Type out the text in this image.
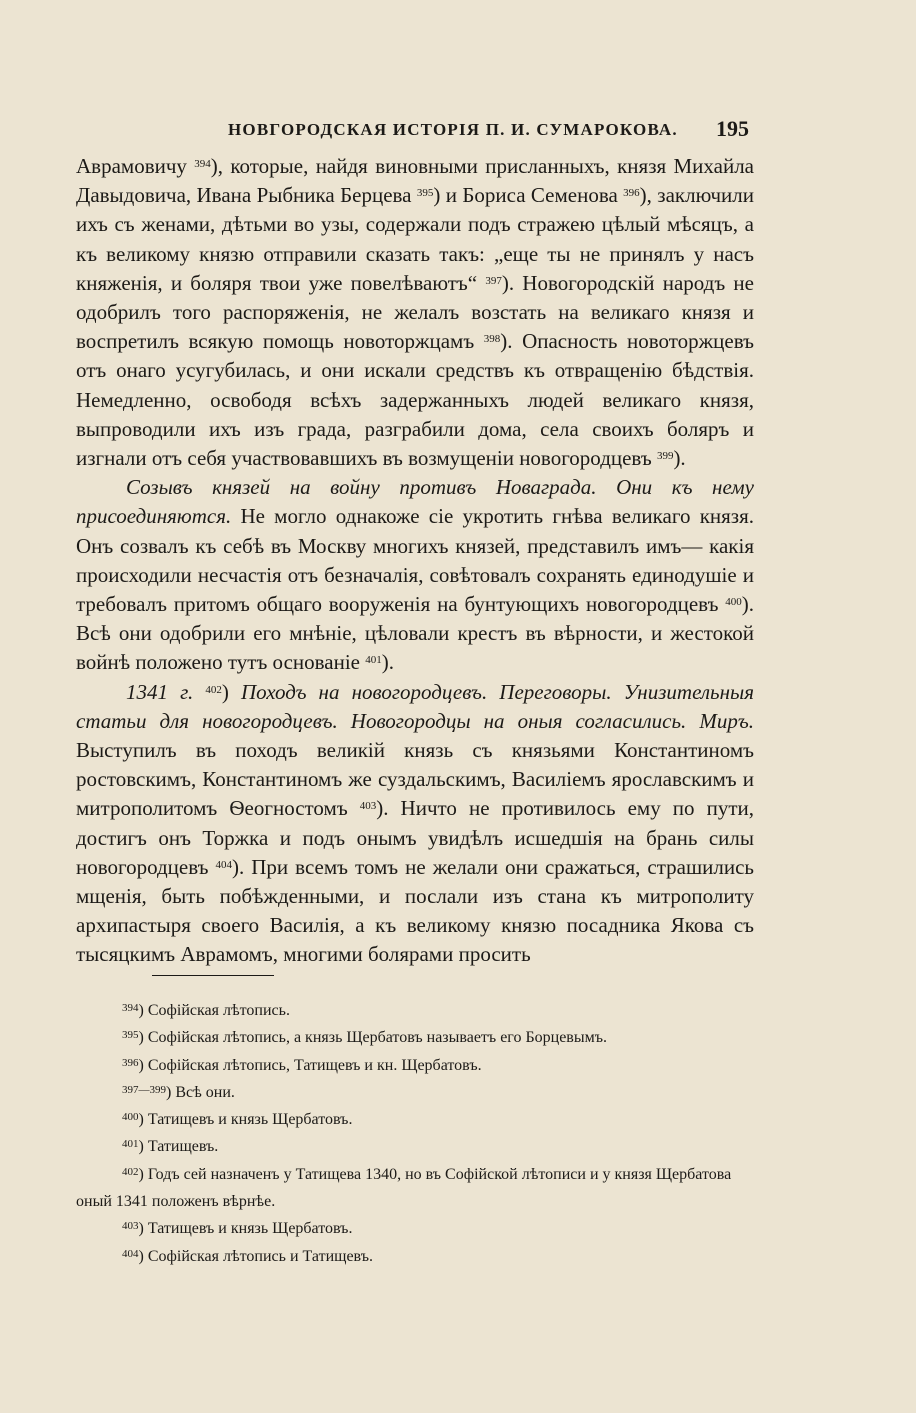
НОВГОРОДСКАЯ ИСТОРІЯ П. И. СУМАРОКОВА. 195

Аврамовичу $^{394}$), которые, найдя виновными присланныхъ, князя Михайла Давыдовича, Ивана Рыбника Берцева $^{395}$) и Бориса Семенова $^{396}$), заключили ихъ съ женами, дѣтьми во узы, содержали подъ стражею цѣлый мѣсяцъ, а къ великому князю отправили сказать такъ: „еще ты не принялъ у насъ княженія, и боляря твои уже повелѣваютъ“ $^{397}$). Новогородскій народъ не одобрилъ того распоряженія, не желалъ возстать на великаго князя и воспретилъ всякую помощь новоторжцамъ $^{398}$). Опасность новоторжцевъ отъ онаго усугубилась, и они искали средствъ къ отвращенію бѣдствія. Немедленно, освободя всѣхъ задержанныхъ людей великаго князя, выпроводили ихъ изъ града, разграбили дома, села своихъ боляръ и изгнали отъ себя участвовавшихъ въ возмущеніи новогородцевъ $^{399}$).

Созывъ князей на войну противъ Новаграда. Они къ нему присоединяются. Не могло однакоже сіе укротить гнѣва великаго князя. Онъ созвалъ къ себѣ въ Москву многихъ князей, представилъ имъ— какія происходили несчастія отъ безначалія, совѣтовалъ сохранять единодушіе и требовалъ притомъ общаго вооруженія на бунтующихъ новогородцевъ $^{400}$). Всѣ они одобрили его мнѣніе, цѣловали крестъ въ вѣрности, и жестокой войнѣ положено тутъ основаніе $^{401}$).

1341 г. $^{402}$) Походъ на новогородцевъ. Переговоры. Унизительныя статьи для новогородцевъ. Новогородцы на оныя согласились. Миръ. Выступилъ въ походъ великій князь съ князьями Константиномъ ростовскимъ, Константиномъ же суздальскимъ, Василіемъ ярославскимъ и митрополитомъ Ѳеогностомъ $^{403}$). Ничто не противилось ему по пути, достигъ онъ Торжка и подъ онымъ увидѣлъ исшедшія на брань силы новогородцевъ $^{404}$). При всемъ томъ не желали они сражаться, страшились мщенія, быть побѣжденными, и послали изъ стана къ митрополиту архипастыря своего Василія, а къ великому князю посадника Якова съ тысяцкимъ Аврамомъ, многими болярами просить

$^{394}$) Софійская лѣтопись.
$^{395}$) Софійская лѣтопись, а князь Щербатовъ называетъ его Борцевымъ.
$^{396}$) Софійская лѣтопись, Татищевъ и кн. Щербатовъ.
$^{397—399}$) Всѣ они.
$^{400}$) Татищевъ и князь Щербатовъ.
$^{401}$) Татищевъ.
$^{402}$) Годъ сей назначенъ у Татищева 1340, но въ Софійской лѣтописи и у князя Щербатова оный 1341 положенъ вѣрнѣе.
$^{403}$) Татищевъ и князь Щербатовъ.
$^{404}$) Софійская лѣтопись и Татищевъ.
